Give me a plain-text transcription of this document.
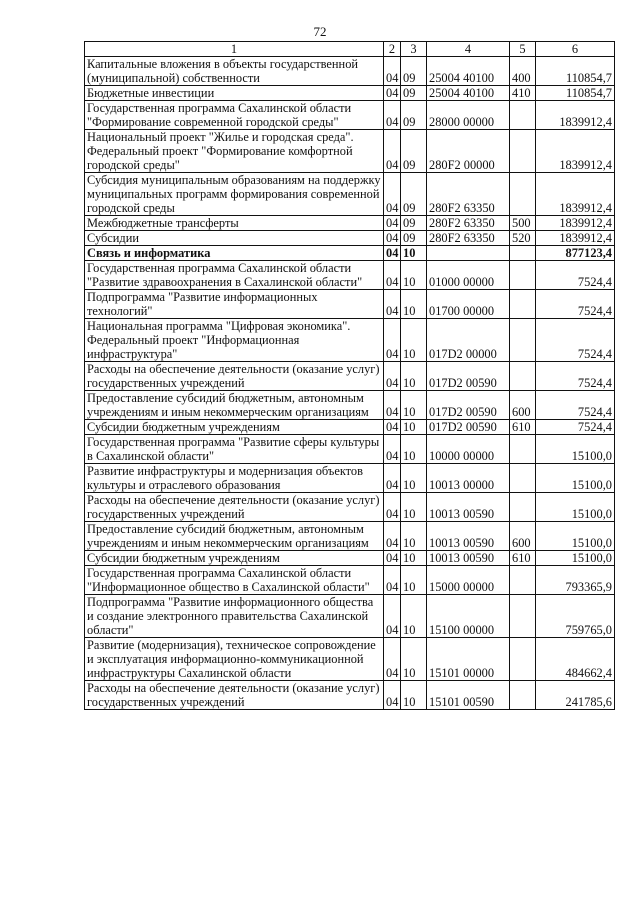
72
1	2	3	4	5	6
Капитальные вложения в объекты государственной (муниципальной) собственности	04	09	25004 40100	400	110854,7
Бюджетные инвестиции	04	09	25004 40100	410	110854,7
Государственная программа Сахалинской области "Формирование современной городской среды"	04	09	28000 00000		1839912,4
Национальный проект "Жилье и городская среда". Федеральный проект "Формирование комфортной городской среды"	04	09	280F2 00000		1839912,4
Субсидия муниципальным образованиям на поддержку муниципальных программ формирования современной городской среды	04	09	280F2 63350		1839912,4
Межбюджетные трансферты	04	09	280F2 63350	500	1839912,4
Субсидии	04	09	280F2 63350	520	1839912,4
Связь и информатика	04	10			877123,4
Государственная программа Сахалинской области "Развитие здравоохранения в Сахалинской области"	04	10	01000 00000		7524,4
Подпрограмма "Развитие информационных технологий"	04	10	01700 00000		7524,4
Национальная программа "Цифровая экономика". Федеральный проект "Информационная инфраструктура"	04	10	017D2 00000		7524,4
Расходы на обеспечение деятельности (оказание услуг) государственных учреждений	04	10	017D2 00590		7524,4
Предоставление субсидий бюджетным, автономным учреждениям и иным некоммерческим организациям	04	10	017D2 00590	600	7524,4
Субсидии бюджетным учреждениям	04	10	017D2 00590	610	7524,4
Государственная программа "Развитие сферы культуры в Сахалинской области"	04	10	10000 00000		15100,0
Развитие инфраструктуры и модернизация объектов культуры и отраслевого образования	04	10	10013 00000		15100,0
Расходы на обеспечение деятельности (оказание услуг) государственных учреждений	04	10	10013 00590		15100,0
Предоставление субсидий бюджетным, автономным учреждениям и иным некоммерческим организациям	04	10	10013 00590	600	15100,0
Субсидии бюджетным учреждениям	04	10	10013 00590	610	15100,0
Государственная программа Сахалинской области "Информационное общество в Сахалинской области"	04	10	15000 00000		793365,9
Подпрограмма "Развитие информационного общества и создание электронного правительства Сахалинской области"	04	10	15100 00000		759765,0
Развитие (модернизация), техническое сопровождение и эксплуатация информационно-коммуникационной инфраструктуры Сахалинской области	04	10	15101 00000		484662,4
Расходы на обеспечение деятельности (оказание услуг) государственных учреждений	04	10	15101 00590		241785,6
